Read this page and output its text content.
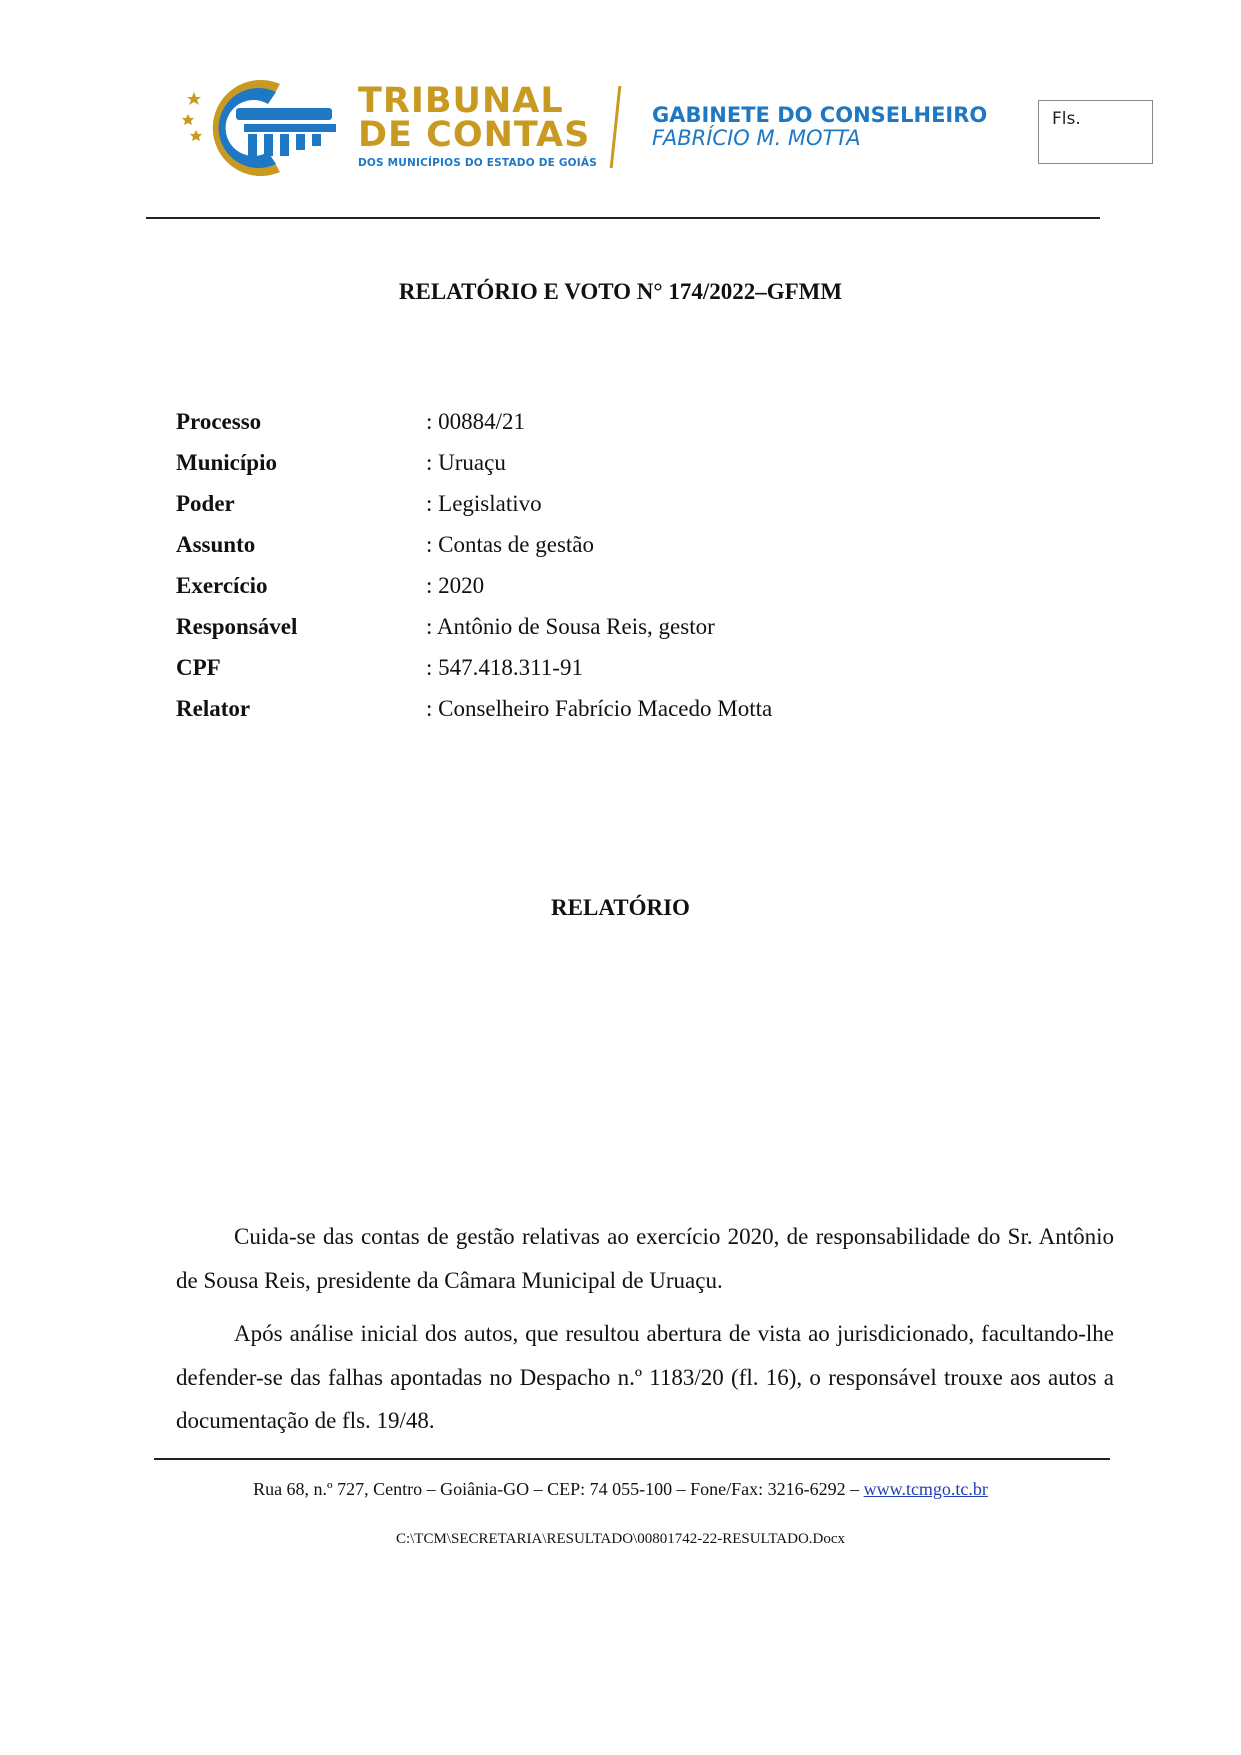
TRIBUNAL
DE CONTAS
DOS MUNICÍPIOS DO ESTADO DE GOIÁS
GABINETE DO CONSELHEIRO
FABRÍCIO M. MOTTA
Fls.
RELATÓRIO E VOTO N° 174/2022–GFMM
Processo	: 00884/21
Município	: Uruaçu
Poder	: Legislativo
Assunto	: Contas de gestão
Exercício	: 2020
Responsável	: Antônio de Sousa Reis, gestor
CPF	: 547.418.311-91
Relator	: Conselheiro Fabrício Macedo Motta
RELATÓRIO

Cuida-se das contas de gestão relativas ao exercício 2020, de responsabilidade do Sr. Antônio de Sousa Reis, presidente da Câmara Municipal de Uruaçu.

Após análise inicial dos autos, que resultou abertura de vista ao jurisdicionado, facultando-lhe defender-se das falhas apontadas no Despacho n.º 1183/20 (fl. 16), o responsável trouxe aos autos a documentação de fls. 19/48.

Rua 68, n.º 727, Centro – Goiânia-GO – CEP: 74 055-100 – Fone/Fax: 3216-6292 – www.tcmgo.tc.br
C:\TCM\SECRETARIA\RESULTADO\00801742-22-RESULTADO.Docx
